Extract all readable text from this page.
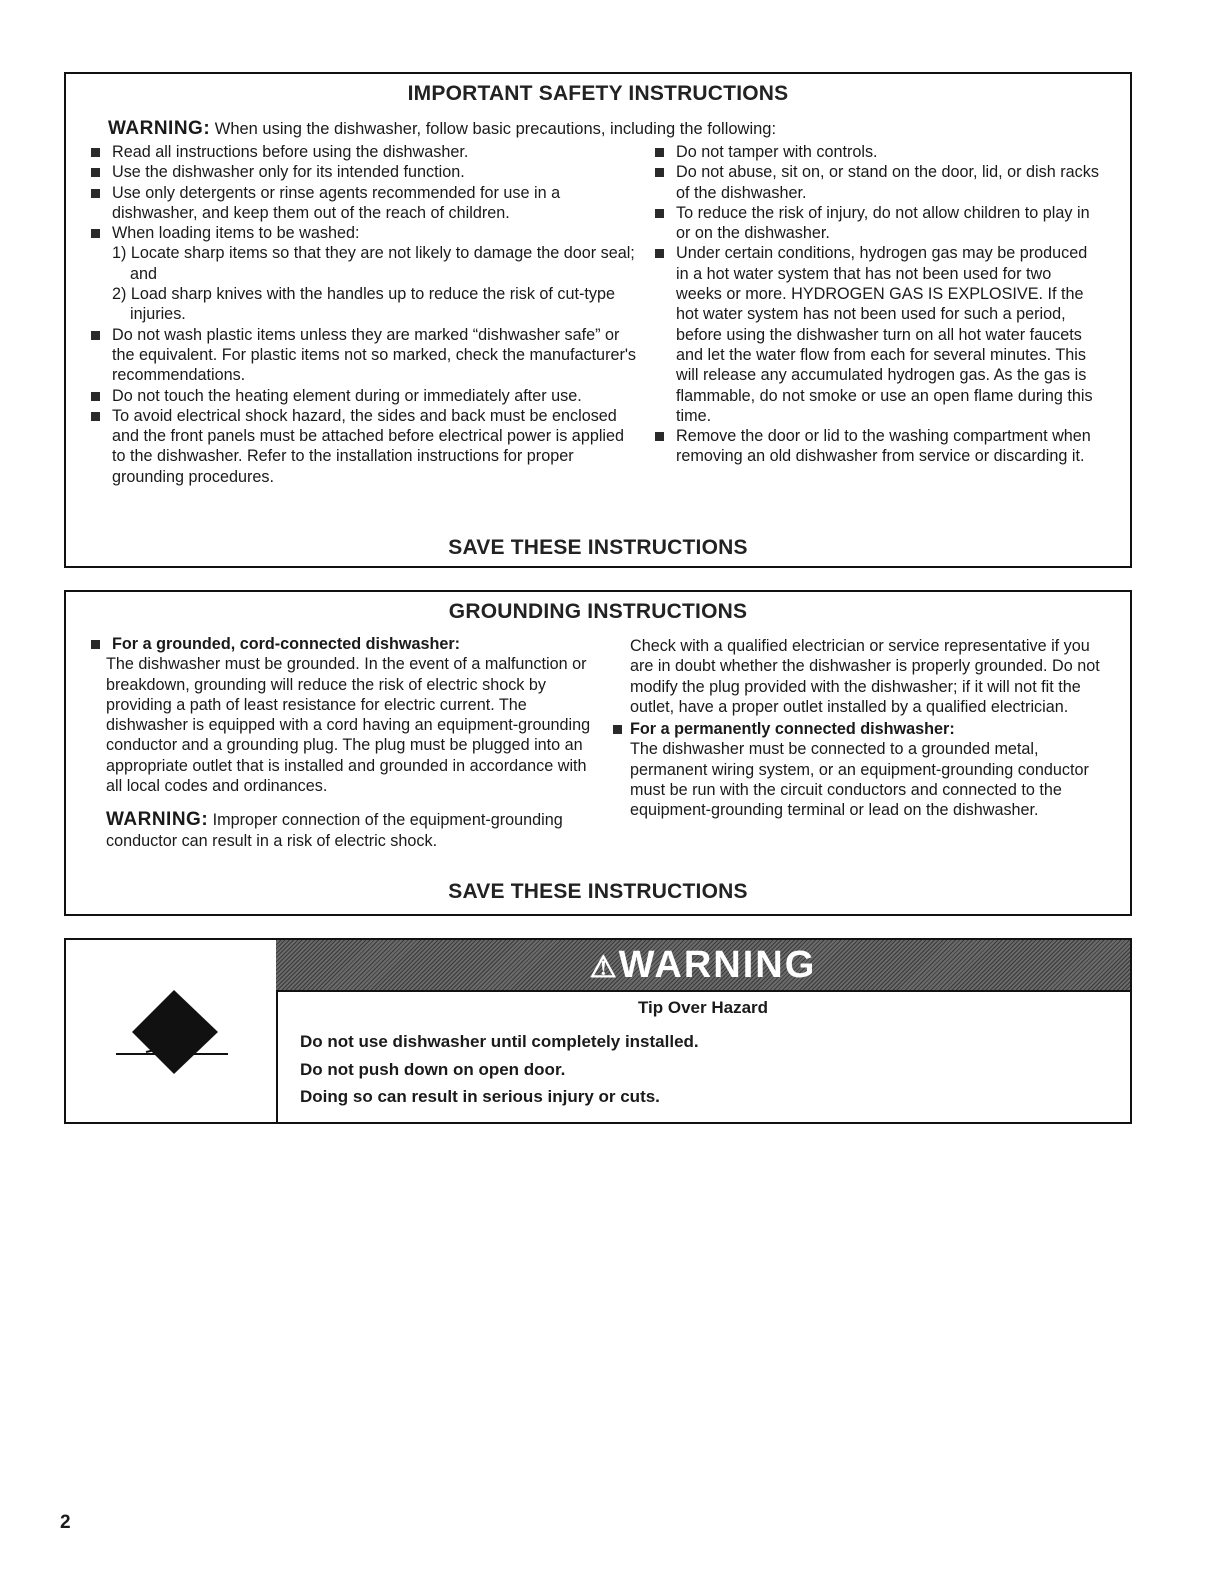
IMPORTANT SAFETY INSTRUCTIONS
WARNING: When using the dishwasher, follow basic precautions, including the following:

Read all instructions before using the dishwasher.

Use the dishwasher only for its intended function.

Use only detergents or rinse agents recommended for use in a dishwasher, and keep them out of the reach of children.

When loading items to be washed:

1) Locate sharp items so that they are not likely to damage the door seal; and

2) Load sharp knives with the handles up to reduce the risk of cut-type injuries.

Do not wash plastic items unless they are marked “dishwasher safe” or the equivalent. For plastic items not so marked, check the manufacturer's recommendations.

Do not touch the heating element during or immediately after use.

To avoid electrical shock hazard, the sides and back must be enclosed and the front panels must be attached before electrical power is applied to the dishwasher. Refer to the installation instructions for proper grounding procedures.

Do not tamper with controls.

Do not abuse, sit on, or stand on the door, lid, or dish racks of the dishwasher.

To reduce the risk of injury, do not allow children to play in or on the dishwasher.

Under certain conditions, hydrogen gas may be produced in a hot water system that has not been used for two weeks or more. HYDROGEN GAS IS EXPLOSIVE. If the hot water system has not been used for such a period, before using the dishwasher turn on all hot water faucets and let the water flow from each for several minutes. This will release any accumulated hydrogen gas. As the gas is flammable, do not smoke or use an open flame during this time.

Remove the door or lid to the washing compartment when removing an old dishwasher from service or discarding it.

SAVE THESE INSTRUCTIONS
GROUNDING INSTRUCTIONS

For a grounded, cord-connected dishwasher:

The dishwasher must be grounded. In the event of a malfunction or breakdown, grounding will reduce the risk of electric shock by providing a path of least resistance for electric current. The dishwasher is equipped with a cord having an equipment-grounding conductor and a grounding plug. The plug must be plugged into an appropriate outlet that is installed and grounded in accordance with all local codes and ordinances.

WARNING: Improper connection of the equipment-grounding conductor can result in a risk of electric shock.

Check with a qualified electrician or service representative if you are in doubt whether the dishwasher is properly grounded. Do not modify the plug provided with the dishwasher; if it will not fit the outlet, have a proper outlet installed by a qualified electrician.

For a permanently connected dishwasher:

The dishwasher must be connected to a grounded metal, permanent wiring system, or an equipment-grounding conductor must be run with the circuit conductors and connected to the equipment-grounding terminal or lead on the dishwasher.

SAVE THESE INSTRUCTIONS
⚠WARNING
Tip Over Hazard

Do not use dishwasher until completely installed.

Do not push down on open door.

Doing so can result in serious injury or cuts.

2
